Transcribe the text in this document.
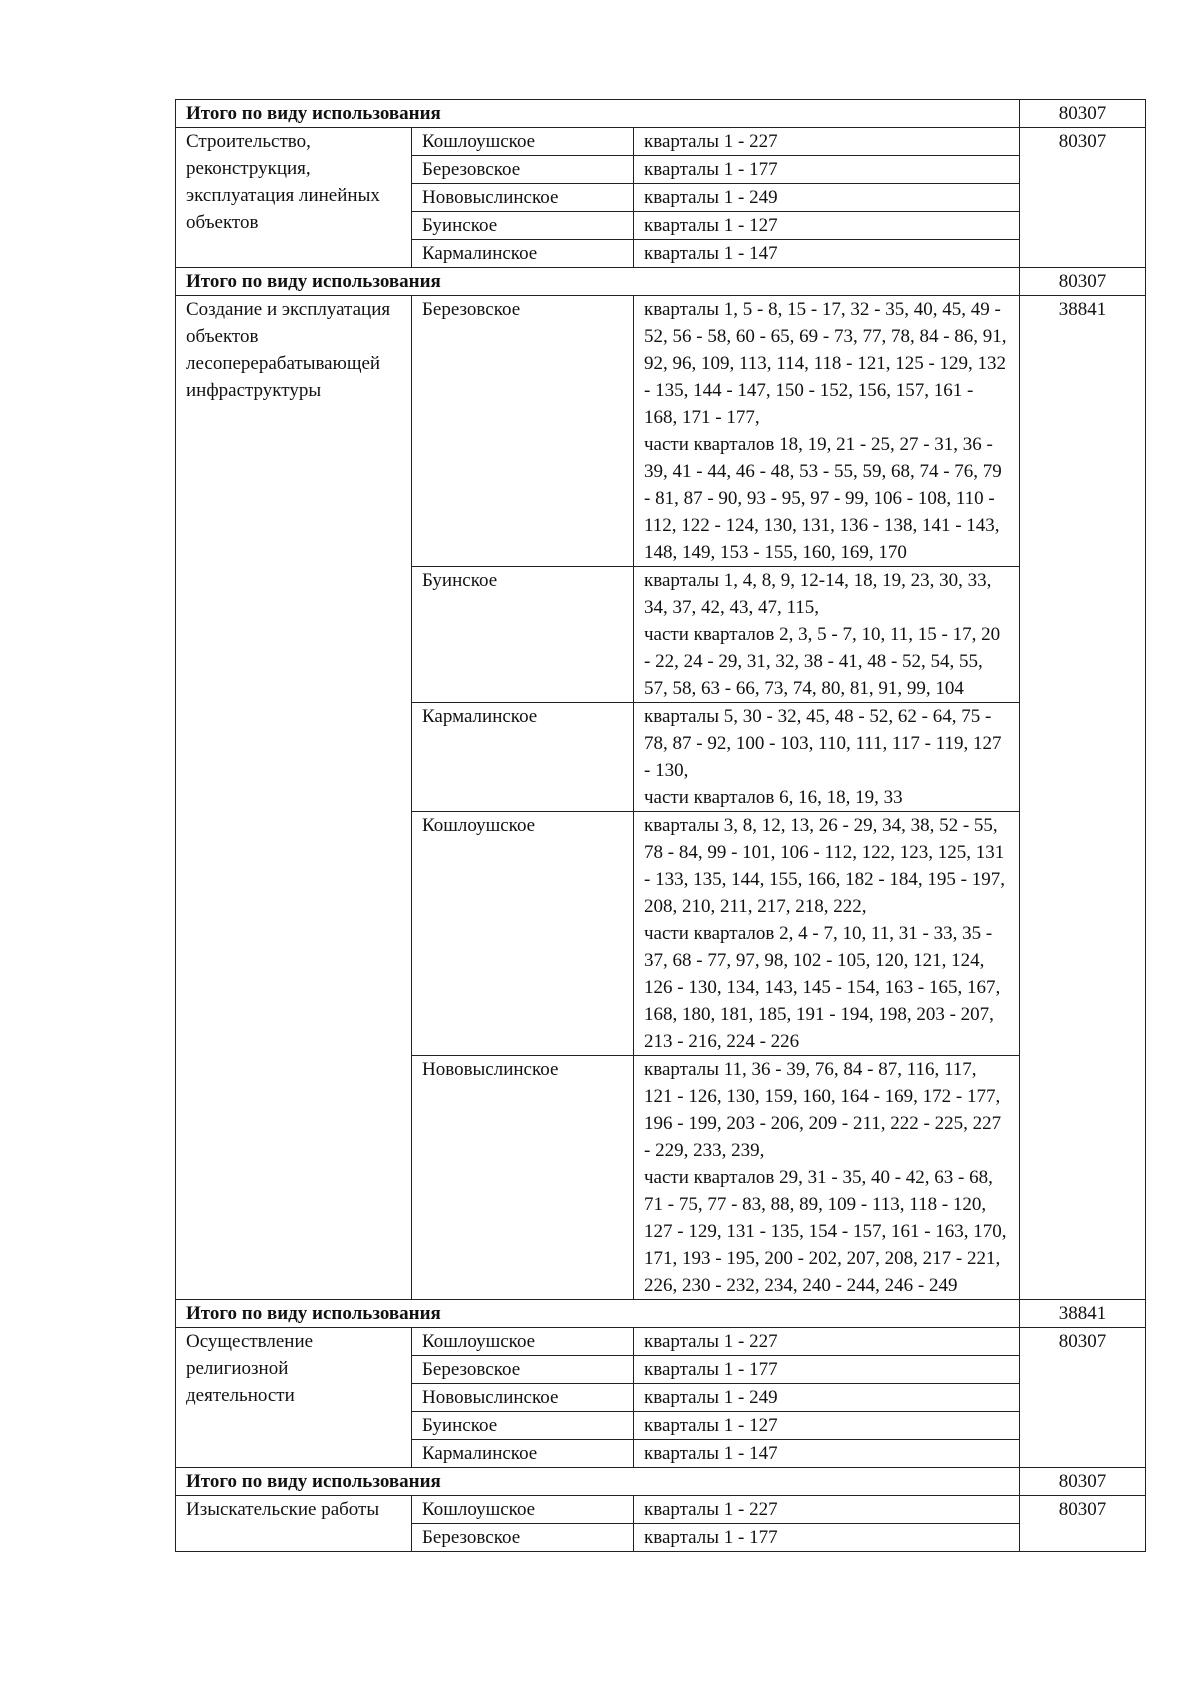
Итого по виду использования			80307
Строительство, реконструкция, эксплуатация линейных объектов	Кошлоушское	кварталы 1 - 227	80307
	Березовское	кварталы 1 - 177	

	Нововыслинское	кварталы 1 - 249	

	Буинское	кварталы 1 - 127	

	Кармалинское	кварталы 1 - 147	

Итого по виду использования			80307
Создание и эксплуатация объектов лесоперерабатывающей инфраструктуры	Березовское	кварталы 1, 5 - 8, 15 - 17, 32 - 35, 40, 45, 49 - 52, 56 - 58, 60 - 65, 69 - 73, 77, 78, 84 - 86, 91, 92, 96, 109, 113, 114, 118 - 121, 125 - 129, 132 - 135, 144 - 147, 150 - 152, 156, 157, 161 - 168, 171 - 177,
части кварталов 18, 19, 21 - 25, 27 - 31, 36 - 39, 41 - 44, 46 - 48, 53 - 55, 59, 68, 74 - 76, 79 - 81, 87 - 90, 93 - 95, 97 - 99, 106 - 108, 110 - 112, 122 - 124, 130, 131, 136 - 138, 141 - 143, 148, 149, 153 - 155, 160, 169, 170	38841
	Буинское	кварталы 1, 4, 8, 9, 12-14, 18, 19, 23, 30, 33, 34, 37, 42, 43, 47, 115,
части кварталов 2, 3, 5 - 7, 10, 11, 15 - 17, 20 - 22, 24 - 29, 31, 32, 38 - 41, 48 - 52, 54, 55, 57, 58, 63 - 66, 73, 74, 80, 81, 91, 99, 104	

	Кармалинское	кварталы 5, 30 - 32, 45, 48 - 52, 62 - 64, 75 - 78, 87 - 92, 100 - 103, 110, 111, 117 - 119, 127 - 130,
части кварталов 6, 16, 18, 19, 33	

	Кошлоушское	кварталы 3, 8, 12, 13, 26 - 29, 34, 38, 52 - 55, 78 - 84, 99 - 101, 106 - 112, 122, 123, 125, 131 - 133, 135, 144, 155, 166, 182 - 184, 195 - 197, 208, 210, 211, 217, 218, 222,
части кварталов 2, 4 - 7, 10, 11, 31 - 33, 35 - 37, 68 - 77, 97, 98, 102 - 105, 120, 121, 124, 126 - 130, 134, 143, 145 - 154, 163 - 165, 167, 168, 180, 181, 185, 191 - 194, 198, 203 - 207, 213 - 216, 224 - 226	

	Нововыслинское	кварталы 11, 36 - 39, 76, 84 - 87, 116, 117, 121 - 126, 130, 159, 160, 164 - 169, 172 - 177, 196 - 199, 203 - 206, 209 - 211, 222 - 225, 227 - 229, 233, 239,
части кварталов 29, 31 - 35, 40 - 42, 63 - 68, 71 - 75, 77 - 83, 88, 89, 109 - 113, 118 - 120, 127 - 129, 131 - 135, 154 - 157, 161 - 163, 170, 171, 193 - 195, 200 - 202, 207, 208, 217 - 221, 226, 230 - 232, 234, 240 - 244, 246 - 249	

Итого по виду использования			38841
Осуществление религиозной деятельности	Кошлоушское	кварталы 1 - 227	80307
	Березовское	кварталы 1 - 177	

	Нововыслинское	кварталы 1 - 249	

	Буинское	кварталы 1 - 127	

	Кармалинское	кварталы 1 - 147	

Итого по виду использования			80307
Изыскательские работы	Кошлоушское	кварталы 1 - 227	80307
	Березовское	кварталы 1 - 177	
